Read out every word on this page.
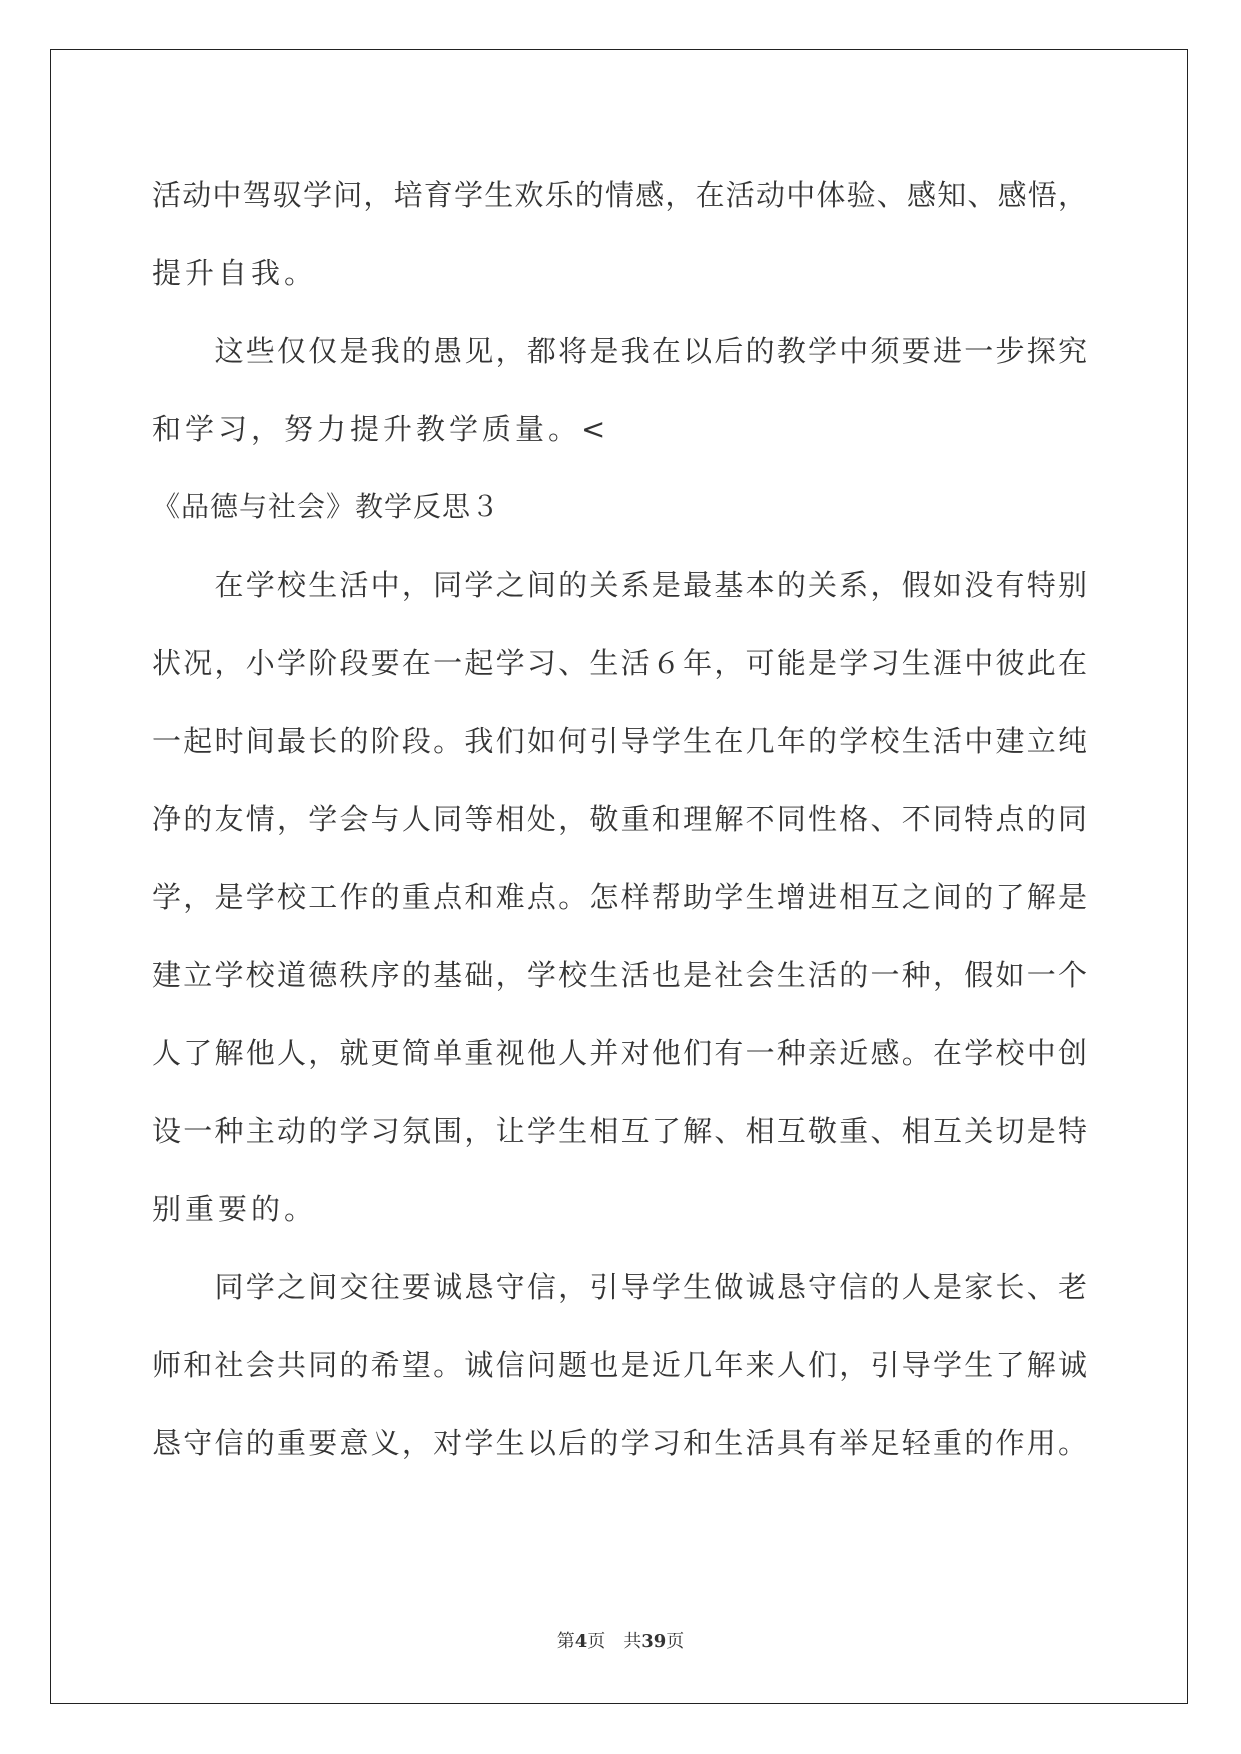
活动中驾驭学问，培育学生欢乐的情感，在活动中体验、感知、感悟，
提升自我。
　　这些仅仅是我的愚见，都将是我在以后的教学中须要进一步探究
和学习，努力提升教学质量。<
《品德与社会》教学反思３
　　在学校生活中，同学之间的关系是最基本的关系，假如没有特别
状况，小学阶段要在一起学习、生活６年，可能是学习生涯中彼此在
一起时间最长的阶段。我们如何引导学生在几年的学校生活中建立纯
净的友情，学会与人同等相处，敬重和理解不同性格、不同特点的同
学，是学校工作的重点和难点。怎样帮助学生增进相互之间的了解是
建立学校道德秩序的基础，学校生活也是社会生活的一种，假如一个
人了解他人，就更简单重视他人并对他们有一种亲近感。在学校中创
设一种主动的学习氛围，让学生相互了解、相互敬重、相互关切是特
别重要的。
　　同学之间交往要诚恳守信，引导学生做诚恳守信的人是家长、老
师和社会共同的希望。诚信问题也是近几年来人们，引导学生了解诚
恳守信的重要意义，对学生以后的学习和生活具有举足轻重的作用。
第4页　共39页
